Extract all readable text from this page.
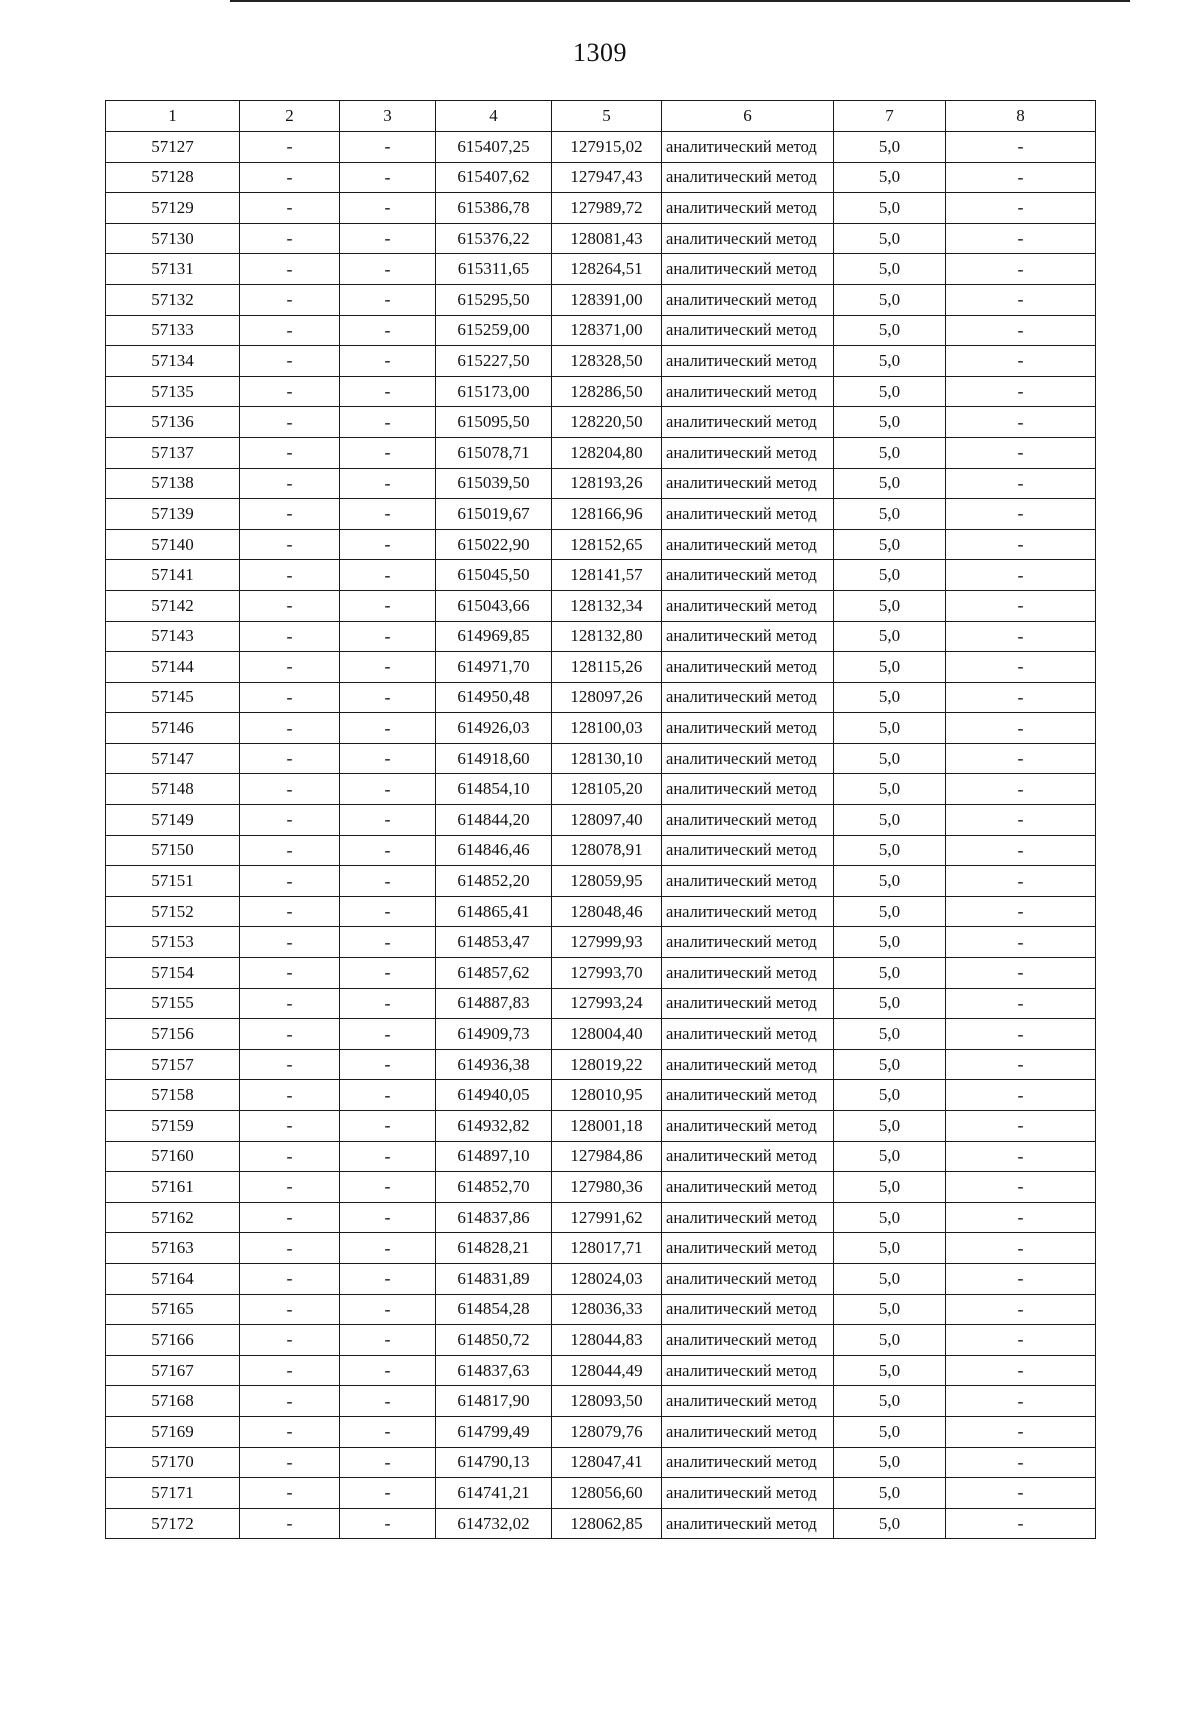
1309
1	2	3	4	5	6	7	8
57127	-	-	615407,25	127915,02	аналитический метод	5,0	-
57128	-	-	615407,62	127947,43	аналитический метод	5,0	-
57129	-	-	615386,78	127989,72	аналитический метод	5,0	-
57130	-	-	615376,22	128081,43	аналитический метод	5,0	-
57131	-	-	615311,65	128264,51	аналитический метод	5,0	-
57132	-	-	615295,50	128391,00	аналитический метод	5,0	-
57133	-	-	615259,00	128371,00	аналитический метод	5,0	-
57134	-	-	615227,50	128328,50	аналитический метод	5,0	-
57135	-	-	615173,00	128286,50	аналитический метод	5,0	-
57136	-	-	615095,50	128220,50	аналитический метод	5,0	-
57137	-	-	615078,71	128204,80	аналитический метод	5,0	-
57138	-	-	615039,50	128193,26	аналитический метод	5,0	-
57139	-	-	615019,67	128166,96	аналитический метод	5,0	-
57140	-	-	615022,90	128152,65	аналитический метод	5,0	-
57141	-	-	615045,50	128141,57	аналитический метод	5,0	-
57142	-	-	615043,66	128132,34	аналитический метод	5,0	-
57143	-	-	614969,85	128132,80	аналитический метод	5,0	-
57144	-	-	614971,70	128115,26	аналитический метод	5,0	-
57145	-	-	614950,48	128097,26	аналитический метод	5,0	-
57146	-	-	614926,03	128100,03	аналитический метод	5,0	-
57147	-	-	614918,60	128130,10	аналитический метод	5,0	-
57148	-	-	614854,10	128105,20	аналитический метод	5,0	-
57149	-	-	614844,20	128097,40	аналитический метод	5,0	-
57150	-	-	614846,46	128078,91	аналитический метод	5,0	-
57151	-	-	614852,20	128059,95	аналитический метод	5,0	-
57152	-	-	614865,41	128048,46	аналитический метод	5,0	-
57153	-	-	614853,47	127999,93	аналитический метод	5,0	-
57154	-	-	614857,62	127993,70	аналитический метод	5,0	-
57155	-	-	614887,83	127993,24	аналитический метод	5,0	-
57156	-	-	614909,73	128004,40	аналитический метод	5,0	-
57157	-	-	614936,38	128019,22	аналитический метод	5,0	-
57158	-	-	614940,05	128010,95	аналитический метод	5,0	-
57159	-	-	614932,82	128001,18	аналитический метод	5,0	-
57160	-	-	614897,10	127984,86	аналитический метод	5,0	-
57161	-	-	614852,70	127980,36	аналитический метод	5,0	-
57162	-	-	614837,86	127991,62	аналитический метод	5,0	-
57163	-	-	614828,21	128017,71	аналитический метод	5,0	-
57164	-	-	614831,89	128024,03	аналитический метод	5,0	-
57165	-	-	614854,28	128036,33	аналитический метод	5,0	-
57166	-	-	614850,72	128044,83	аналитический метод	5,0	-
57167	-	-	614837,63	128044,49	аналитический метод	5,0	-
57168	-	-	614817,90	128093,50	аналитический метод	5,0	-
57169	-	-	614799,49	128079,76	аналитический метод	5,0	-
57170	-	-	614790,13	128047,41	аналитический метод	5,0	-
57171	-	-	614741,21	128056,60	аналитический метод	5,0	-
57172	-	-	614732,02	128062,85	аналитический метод	5,0	-
